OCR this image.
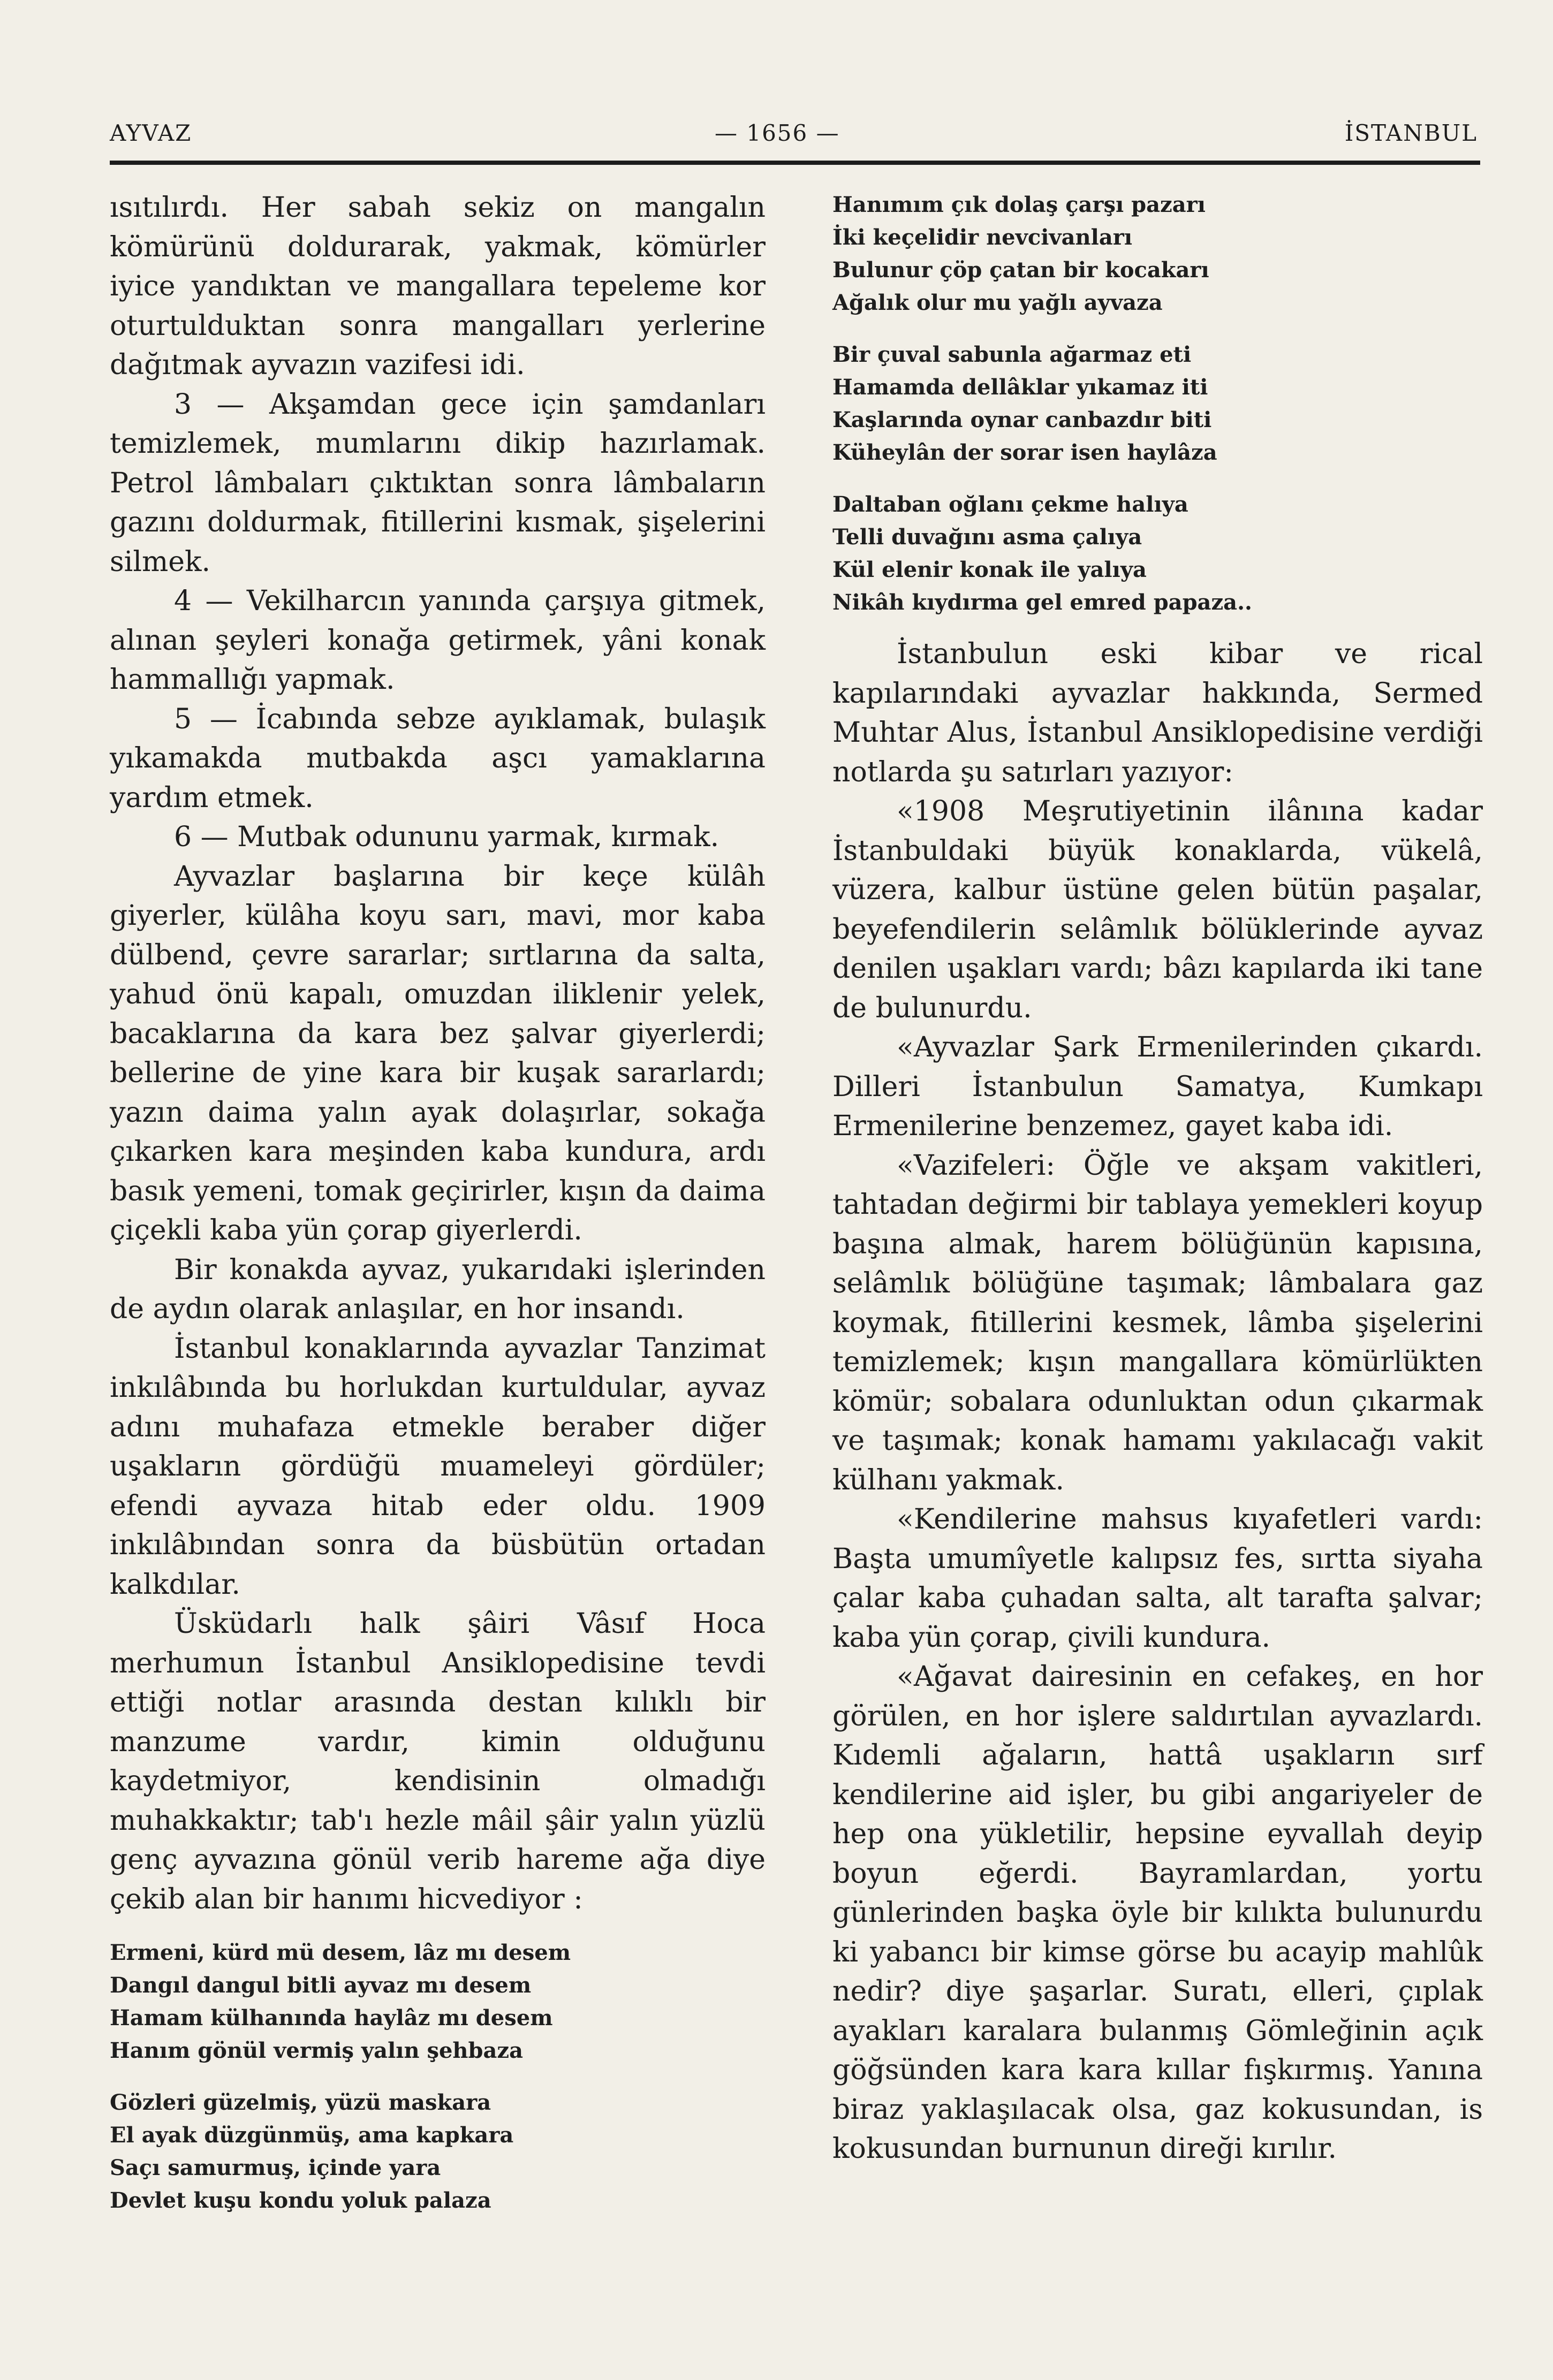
AYVAZ	— 1656 —	İSTANBUL

ısıtılırdı. Her sabah sekiz on mangalın kömürünü doldurarak, yakmak, kömürler iyice yandıktan ve mangallara tepeleme kor oturtulduktan sonra mangalları yerlerine dağıtmak ayvazın vazifesi idi.

3 — Akşamdan gece için şamdanları temizlemek, mumlarını dikip hazırlamak. Petrol lâmbaları çıktıktan sonra lâmbaların gazını doldurmak, fitillerini kısmak, şişelerini silmek.

4 — Vekilharcın yanında çarşıya gitmek, alınan şeyleri konağa getirmek, yâni konak hammallığı yapmak.

5 — İcabında sebze ayıklamak, bulaşık yıkamakda mutbakda aşcı yamaklarına yardım etmek.

6 — Mutbak odununu yarmak, kırmak.

Ayvazlar başlarına bir keçe külâh giyerler, külâha koyu sarı, mavi, mor kaba dülbend, çevre sararlar; sırtlarına da salta, yahud önü kapalı, omuzdan iliklenir yelek, bacaklarına da kara bez şalvar giyerlerdi; bellerine de yine kara bir kuşak sararlardı; yazın daima yalın ayak dolaşırlar, sokağa çıkarken kara meşinden kaba kundura, ardı basık yemeni, tomak geçirirler, kışın da daima çiçekli kaba yün çorap giyerlerdi.

Bir konakda ayvaz, yukarıdaki işlerinden de aydın olarak anlaşılar, en hor insandı.

İstanbul konaklarında ayvazlar Tanzimat inkılâbında bu horlukdan kurtuldular, ayvaz adını muhafaza etmekle beraber diğer uşakların gördüğü muameleyi gördüler; efendi ayvaza hitab eder oldu. 1909 inkılâbından sonra da büsbütün ortadan kalkdılar.

Üsküdarlı halk şâiri Vâsıf Hoca merhumun İstanbul Ansiklopedisine tevdi ettiği notlar arasında destan kılıklı bir manzume vardır, kimin olduğunu kaydetmiyor, kendisinin olmadığı muhakkaktır; tab'ı hezle mâil şâir yalın yüzlü genç ayvazına gönül verib hareme ağa diye çekib alan bir hanımı hicvediyor :

Ermeni, kürd mü desem, lâz mı desem
Dangıl dangul bitli ayvaz mı desem
Hamam külhanında haylâz mı desem
Hanım gönül vermiş yalın şehbaza
Gözleri güzelmiş, yüzü maskara
El ayak düzgünmüş, ama kapkara
Saçı samurmuş, içinde yara
Devlet kuşu kondu yoluk palaza
Hanımım çık dolaş çarşı pazarı
İki keçelidir nevcivanları
Bulunur çöp çatan bir kocakarı
Ağalık olur mu yağlı ayvaza
Bir çuval sabunla ağarmaz eti
Hamamda dellâklar yıkamaz iti
Kaşlarında oynar canbazdır biti
Küheylân der sorar isen haylâza
Daltaban oğlanı çekme halıya
Telli duvağını asma çalıya
Kül elenir konak ile yalıya
Nikâh kıydırma gel emred papaza..

İstanbulun eski kibar ve rical kapılarındaki ayvazlar hakkında, Sermed Muhtar Alus, İstanbul Ansiklopedisine verdiği notlarda şu satırları yazıyor:

«1908 Meşrutiyetinin ilânına kadar İstanbuldaki büyük konaklarda, vükelâ, vüzera, kalbur üstüne gelen bütün paşalar, beyefendilerin selâmlık bölüklerinde ayvaz denilen uşakları vardı; bâzı kapılarda iki tane de bulunurdu.

«Ayvazlar Şark Ermenilerinden çıkardı. Dilleri İstanbulun Samatya, Kumkapı Ermenilerine benzemez, gayet kaba idi.

«Vazifeleri: Öğle ve akşam vakitleri, tahtadan değirmi bir tablaya yemekleri koyup başına almak, harem bölüğünün kapısına, selâmlık bölüğüne taşımak; lâmbalara gaz koymak, fitillerini kesmek, lâmba şişelerini temizlemek; kışın mangallara kömürlükten kömür; sobalara odunluktan odun çıkarmak ve taşımak; konak hamamı yakılacağı vakit külhanı yakmak.

«Kendilerine mahsus kıyafetleri vardı: Başta umumîyetle kalıpsız fes, sırtta siyaha çalar kaba çuhadan salta, alt tarafta şalvar; kaba yün çorap, çivili kundura.

«Ağavat dairesinin en cefakeş, en hor görülen, en hor işlere saldırtılan ayvazlardı. Kıdemli ağaların, hattâ uşakların sırf kendilerine aid işler, bu gibi angariyeler de hep ona yükletilir, hepsine eyvallah deyip boyun eğerdi. Bayramlardan, yortu günlerinden başka öyle bir kılıkta bulunurdu ki yabancı bir kimse görse bu acayip mahlûk nedir? diye şaşarlar. Suratı, elleri, çıplak ayakları karalara bulanmış Gömleğinin açık göğsünden kara kara kıllar fışkırmış. Yanına biraz yaklaşılacak olsa, gaz kokusundan, is kokusundan burnunun direği kırılır.
